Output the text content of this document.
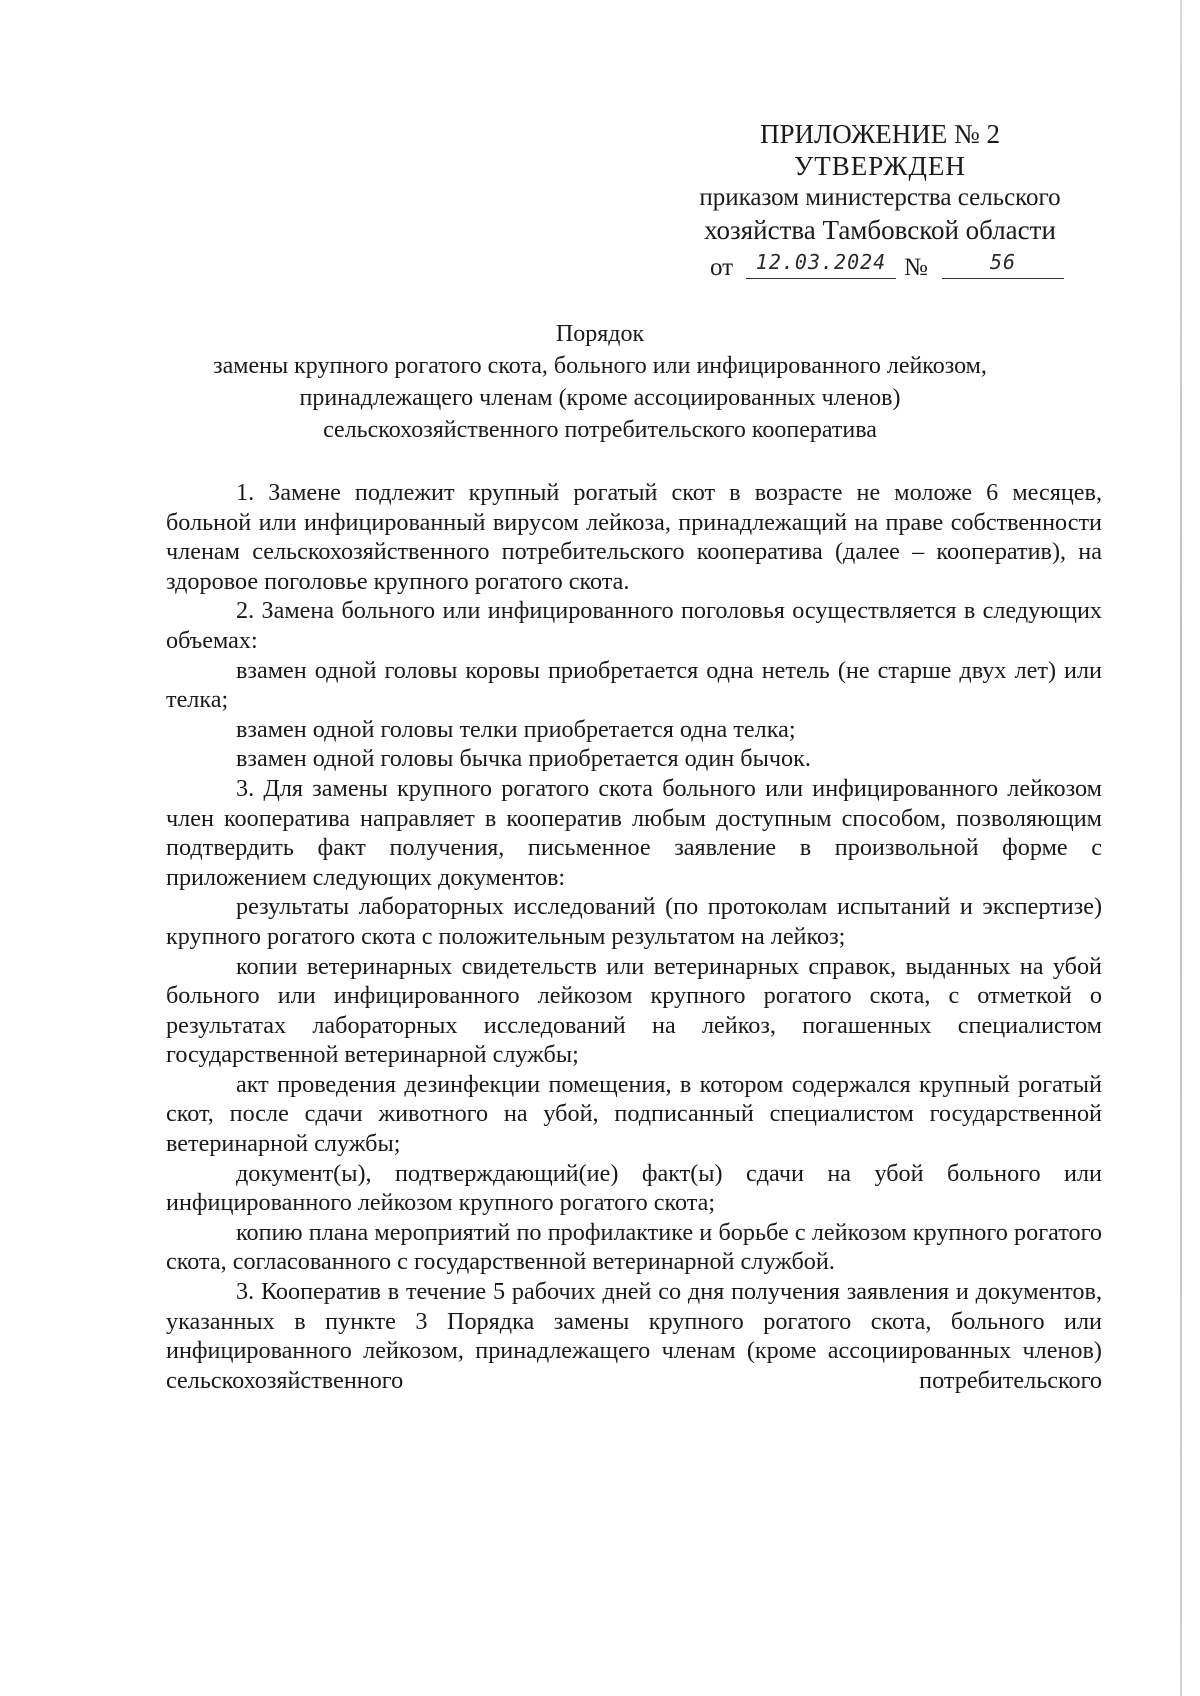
ПРИЛОЖЕНИЕ № 2
УТВЕРЖДЕН
приказом министерства сельского
хозяйства Тамбовской области
от	12.03.2024 №	56
Порядок
замены крупного рогатого скота, больного или инфицированного лейкозом,
принадлежащего членам (кроме ассоциированных членов)
сельскохозяйственного потребительского кооператива

1. Замене подлежит крупный рогатый скот в возрасте не моложе 6 месяцев, больной или инфицированный вирусом лейкоза, принадлежащий на праве собственности членам сельскохозяйственного потребительского кооператива (далее – кооператив), на здоровое поголовье крупного рогатого скота.

2. Замена больного или инфицированного поголовья осуществляется в следующих объемах:

взамен одной головы коровы приобретается одна нетель (не старше двух лет) или телка;

взамен одной головы телки приобретается одна телка;

взамен одной головы бычка приобретается один бычок.

3. Для замены крупного рогатого скота больного или инфицированного лейкозом член кооператива направляет в кооператив любым доступным способом, позволяющим подтвердить факт получения, письменное заявление в произвольной форме с приложением следующих документов:

результаты лабораторных исследований (по протоколам испытаний и экспертизе) крупного рогатого скота с положительным результатом на лейкоз;

копии ветеринарных свидетельств или ветеринарных справок, выданных на убой больного или инфицированного лейкозом крупного рогатого скота, с отметкой о результатах лабораторных исследований на лейкоз, погашенных специалистом государственной ветеринарной службы;

акт проведения дезинфекции помещения, в котором содержался крупный рогатый скот, после сдачи животного на убой, подписанный специалистом государственной ветеринарной службы;

документ(ы), подтверждающий(ие) факт(ы) сдачи на убой больного или инфицированного лейкозом крупного рогатого скота;

копию плана мероприятий по профилактике и борьбе с лейкозом крупного рогатого скота, согласованного с государственной ветеринарной службой.

3. Кооператив в течение 5 рабочих дней со дня получения заявления и документов, указанных в пункте 3 Порядка замены крупного рогатого скота, больного или инфицированного лейкозом, принадлежащего членам (кроме ассоциированных членов) сельскохозяйственного потребительского
